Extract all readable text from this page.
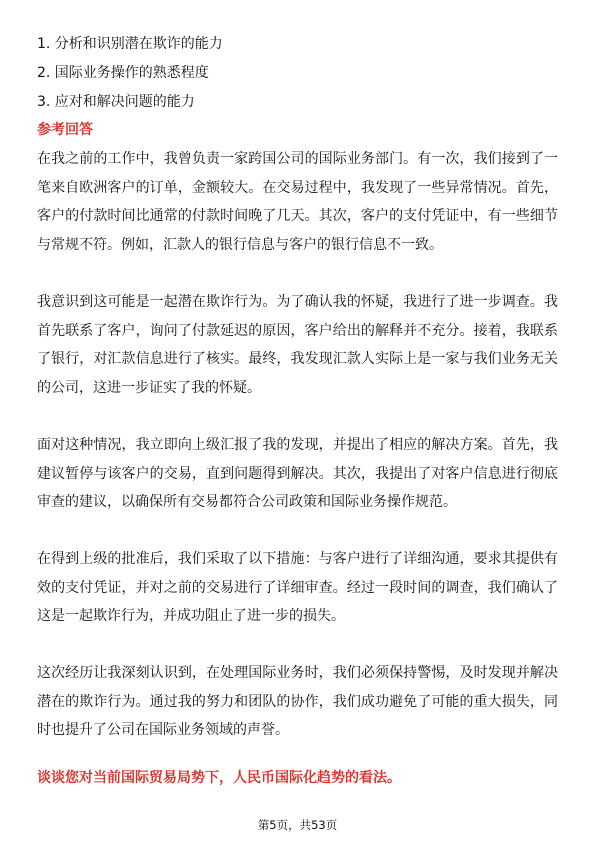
1. 分析和识别潜在欺诈的能力
2. 国际业务操作的熟悉程度
3. 应对和解决问题的能力
参考回答

在我之前的工作中，我曾负责一家跨国公司的国际业务部门。有一次，我们接到了一笔来自欧洲客户的订单，金额较大。在交易过程中，我发现了一些异常情况。首先，客户的付款时间比通常的付款时间晚了几天。其次，客户的支付凭证中，有一些细节与常规不符。例如，汇款人的银行信息与客户的银行信息不一致。

我意识到这可能是一起潜在欺诈行为。为了确认我的怀疑，我进行了进一步调查。我首先联系了客户，询问了付款延迟的原因，客户给出的解释并不充分。接着，我联系了银行，对汇款信息进行了核实。最终，我发现汇款人实际上是一家与我们业务无关的公司，这进一步证实了我的怀疑。

面对这种情况，我立即向上级汇报了我的发现，并提出了相应的解决方案。首先，我建议暂停与该客户的交易，直到问题得到解决。其次，我提出了对客户信息进行彻底审查的建议，以确保所有交易都符合公司政策和国际业务操作规范。

在得到上级的批准后，我们采取了以下措施：与客户进行了详细沟通，要求其提供有效的支付凭证，并对之前的交易进行了详细审查。经过一段时间的调查，我们确认了这是一起欺诈行为，并成功阻止了进一步的损失。

这次经历让我深刻认识到，在处理国际业务时，我们必须保持警惕，及时发现并解决潜在的欺诈行为。通过我的努力和团队的协作，我们成功避免了可能的重大损失，同时也提升了公司在国际业务领域的声誉。

谈谈您对当前国际贸易局势下，人民币国际化趋势的看法。
第5页，共53页
